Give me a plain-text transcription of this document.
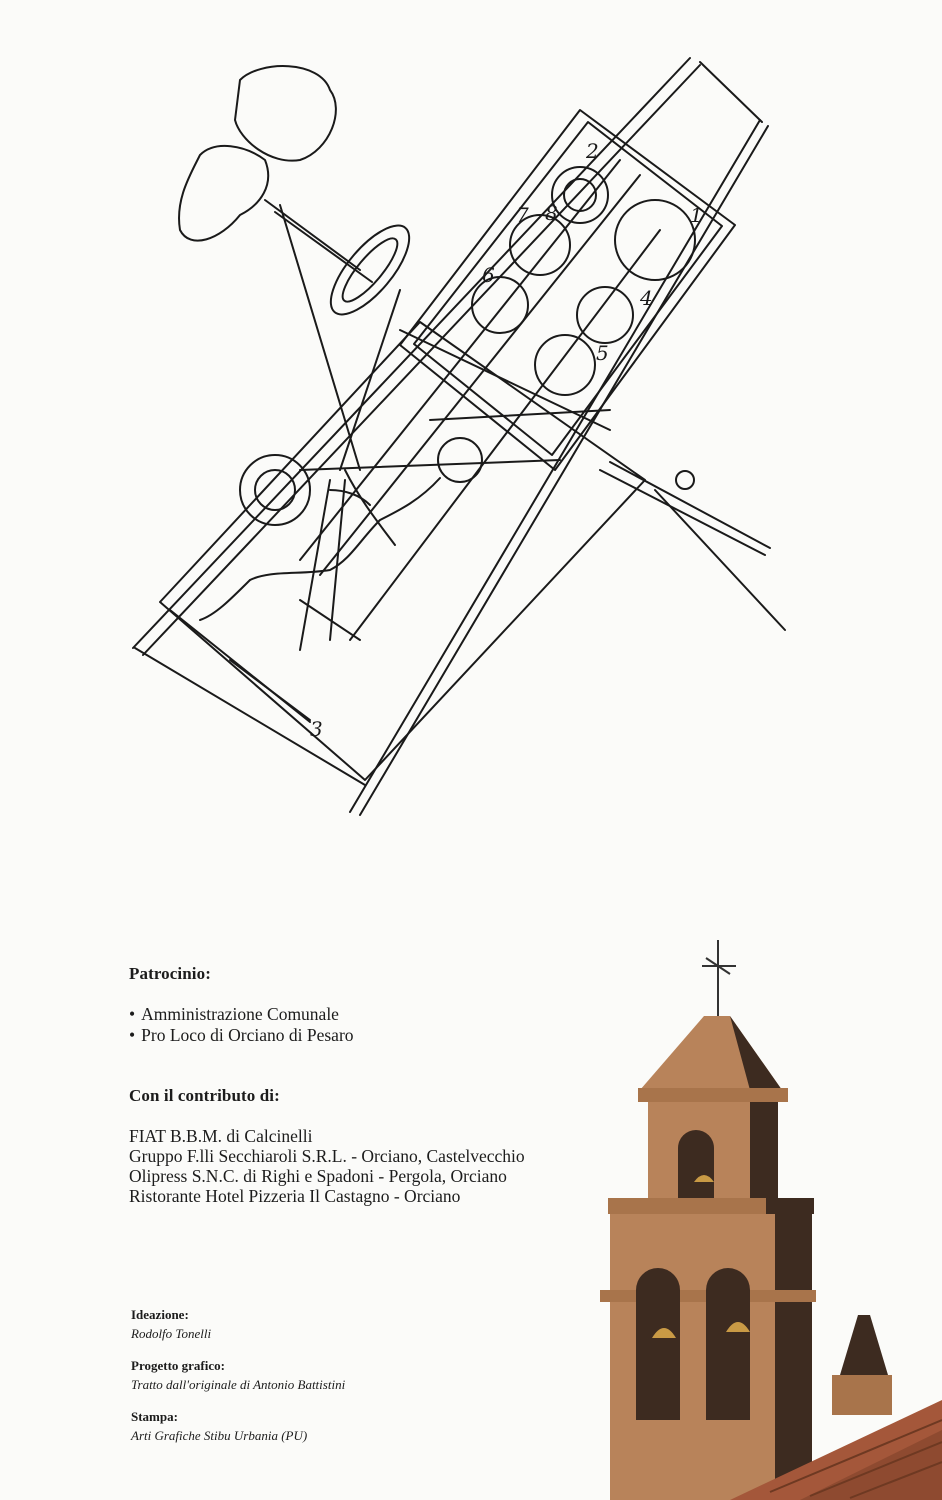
1
2
3
4
5
6
7 8
Patrocinio:
• Amministrazione Comunale
• Pro Loco di Orciano di Pesaro
Con il contributo di:
FIAT B.B.M. di Calcinelli
Gruppo F.lli Secchiaroli S.R.L. - Orciano, Castelvecchio
Olipress S.N.C. di Righi e Spadoni - Pergola, Orciano
Ristorante Hotel Pizzeria Il Castagno - Orciano

Ideazione:

Rodolfo Tonelli

Progetto grafico:

Tratto dall'originale di Antonio Battistini

Stampa:

Arti Grafiche Stibu Urbania (PU)
